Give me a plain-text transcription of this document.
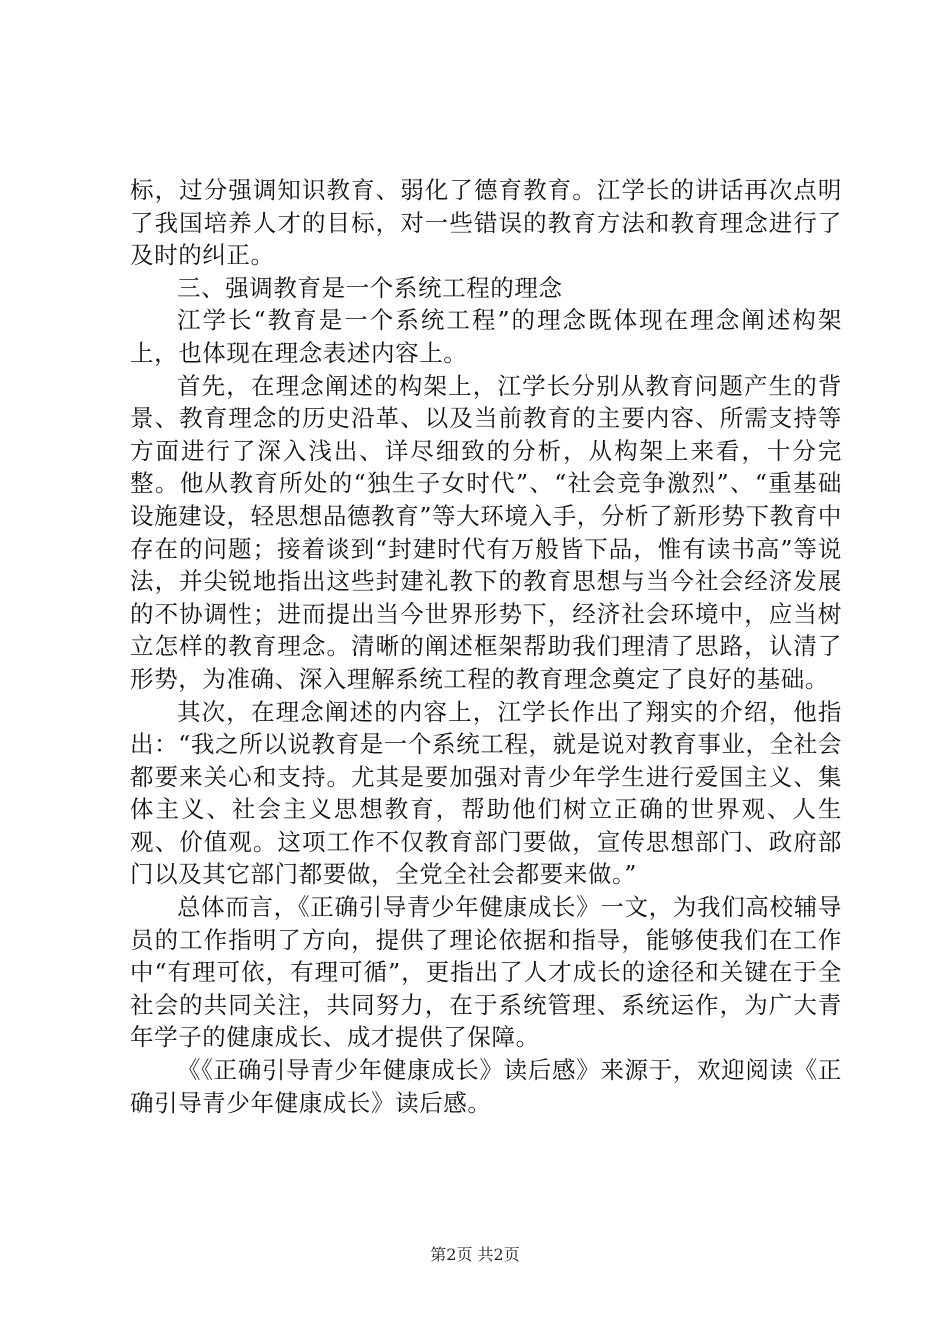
标，过分强调知识教育、弱化了德育教育。江学长的讲话再次点明了我国培养人才的目标，对一些错误的教育方法和教育理念进行了及时的纠正。

三、强调教育是一个系统工程的理念

江学长“教育是一个系统工程”的理念既体现在理念阐述构架上，也体现在理念表述内容上。

首先，在理念阐述的构架上，江学长分别从教育问题产生的背景、教育理念的历史沿革、以及当前教育的主要内容、所需支持等方面进行了深入浅出、详尽细致的分析，从构架上来看，十分完整。他从教育所处的“独生子女时代”、“社会竞争激烈”、“重基础设施建设，轻思想品德教育”等大环境入手，分析了新形势下教育中存在的问题；接着谈到“封建时代有万般皆下品，惟有读书高”等说法，并尖锐地指出这些封建礼教下的教育思想与当今社会经济发展的不协调性；进而提出当今世界形势下，经济社会环境中，应当树立怎样的教育理念。清晰的阐述框架帮助我们理清了思路，认清了形势，为准确、深入理解系统工程的教育理念奠定了良好的基础。

其次，在理念阐述的内容上，江学长作出了翔实的介绍，他指出：“我之所以说教育是一个系统工程，就是说对教育事业，全社会都要来关心和支持。尤其是要加强对青少年学生进行爱国主义、集体主义、社会主义思想教育，帮助他们树立正确的世界观、人生观、价值观。这项工作不仅教育部门要做，宣传思想部门、政府部门以及其它部门都要做，全党全社会都要来做。”

总体而言，《正确引导青少年健康成长》一文，为我们高校辅导员的工作指明了方向，提供了理论依据和指导，能够使我们在工作中“有理可依，有理可循”，更指出了人才成长的途径和关键在于全社会的共同关注，共同努力，在于系统管理、系统运作，为广大青年学子的健康成长、成才提供了保障。

《《正确引导青少年健康成长》读后感》来源于，欢迎阅读《正确引导青少年健康成长》读后感。

第2页 共2页
